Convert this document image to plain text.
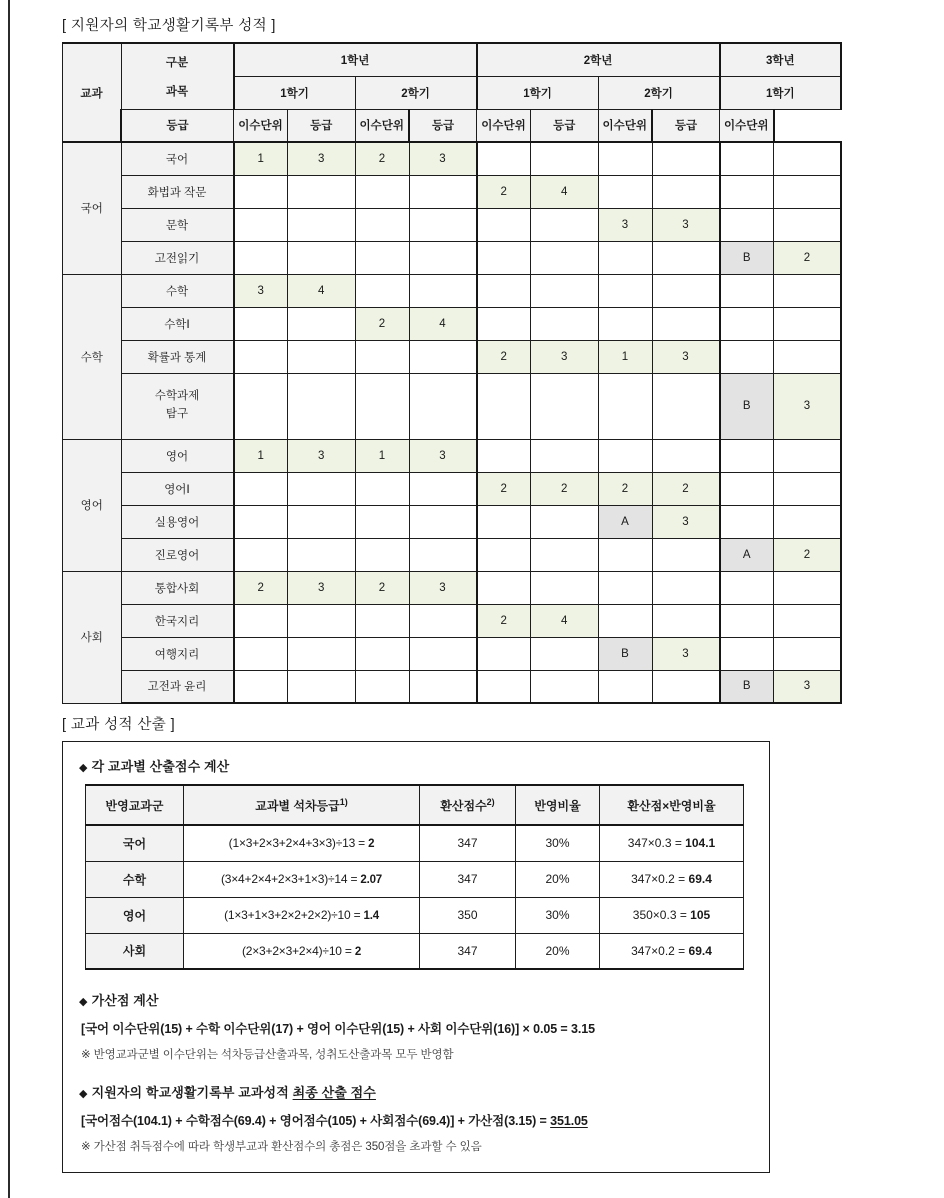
[ 지원자의 학교생활기록부 성적 ]
교과	구분
과목	1학년				2학년				3학년	
		1학기		2학기		1학기		2학기		1학기	
	등급	이수단위	등급	이수단위	등급	이수단위	등급	이수단위	등급	이수단위	
국어	국어	1	3	2	3						
	화법과 작문					2	4				
	문학							3	3		
	고전읽기									B	2
수학	수학	3	4								
	수학Ⅰ			2	4						
	확률과 통계					2	3	1	3		

	수학과제
탐구									B	3
영어	영어	1	3	1	3						
	영어Ⅰ					2	2	2	2		
	실용영어							A	3		
	진로영어									A	2
사회	통합사회	2	3	2	3						
	한국지리					2	4				
	여행지리							B	3		
	고전과 윤리									B	3
[ 교과 성적 산출 ]
◆ 각 교과별 산출점수 계산
반영교과군	교과별 석차등급$^{1)}$	환산점수$^{2)}$	반영비율	환산점×반영비율
국어	(1×3+2×3+2×4+3×3)÷13 = 2	347	30%	347×0.3 = 104.1
수학	(3×4+2×4+2×3+1×3)÷14 = 2.07	347	20%	347×0.2 = 69.4
영어	(1×3+1×3+2×2+2×2)÷10 = 1.4	350	30%	350×0.3 = 105
사회	(2×3+2×3+2×4)÷10 = 2	347	20%	347×0.2 = 69.4
◆ 가산점 계산
[국어 이수단위(15) + 수학 이수단위(17) + 영어 이수단위(15) + 사회 이수단위(16)] × 0.05 = 3.15
※ 반영교과군별 이수단위는 석차등급산출과목, 성취도산출과목 모두 반영함
◆ 지원자의 학교생활기록부 교과성적 최종 산출 점수
[국어점수(104.1) + 수학점수(69.4) + 영어점수(105) + 사회점수(69.4)] + 가산점(3.15) = 351.05
※ 가산점 취득점수에 따라 학생부교과 환산점수의 총점은 350점을 초과할 수 있음
